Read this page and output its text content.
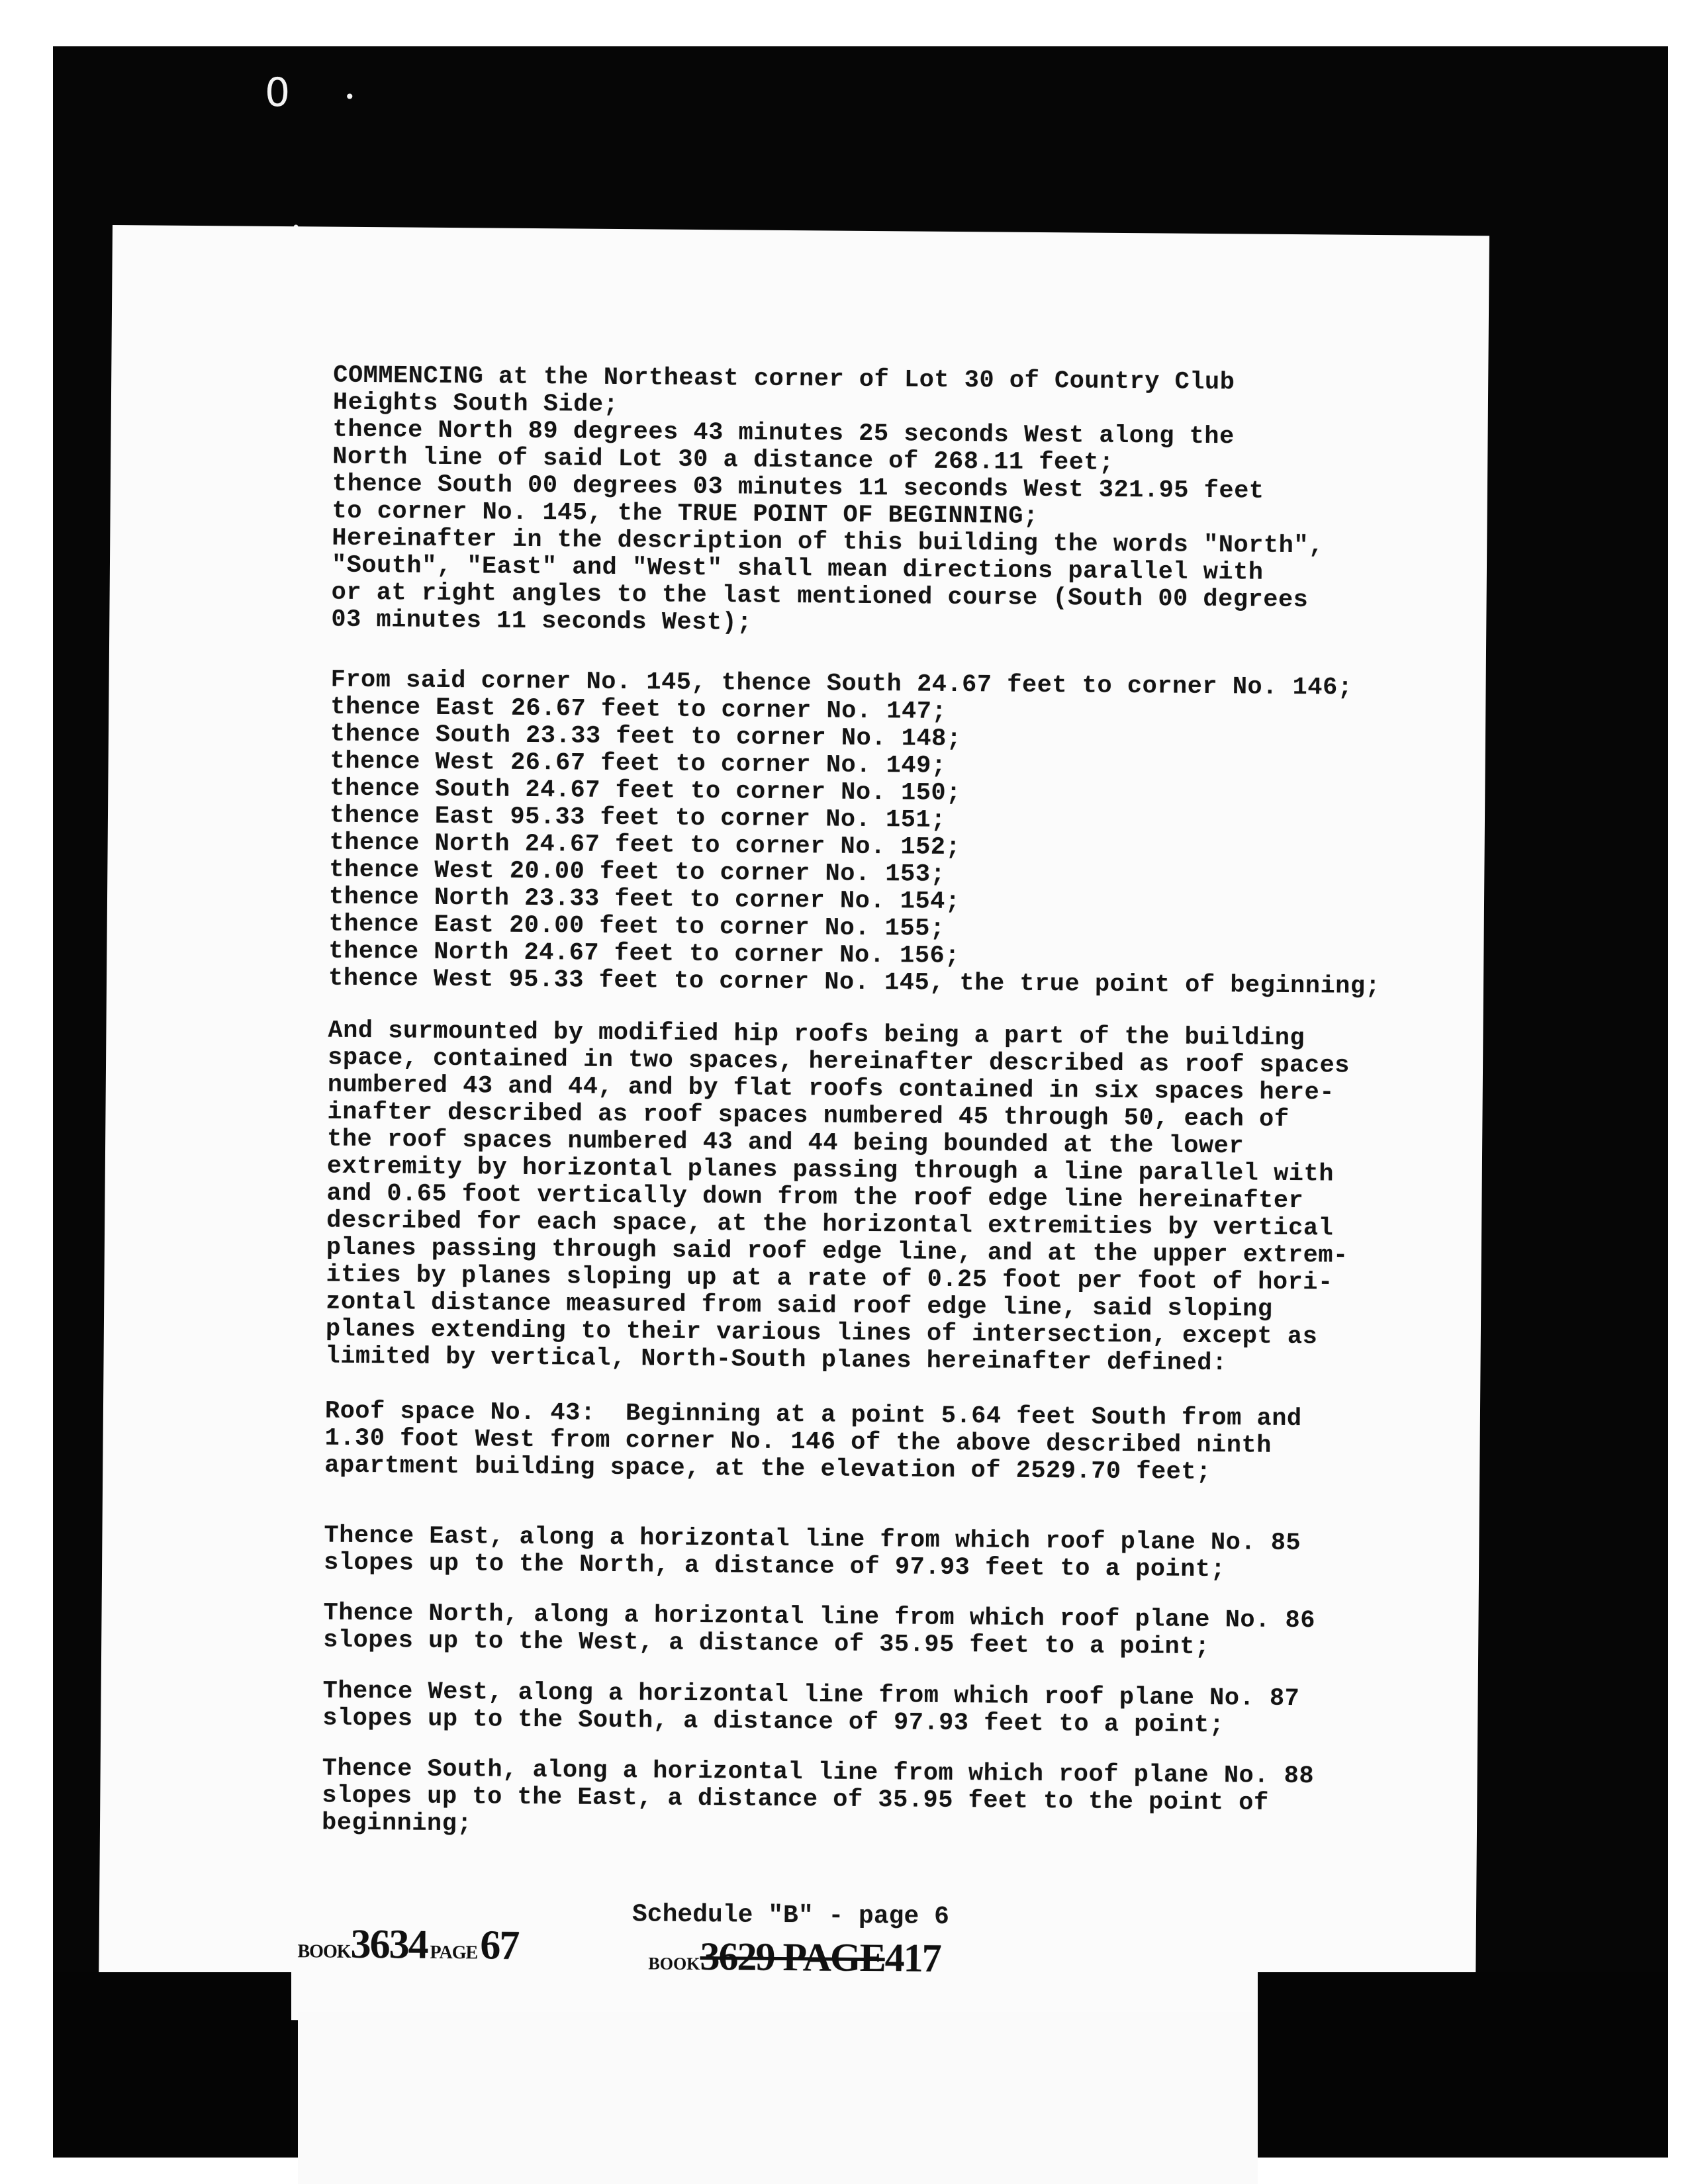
0	•

COMMENCING at the Northeast corner of Lot 30 of Country Club
Heights South Side;
thence North 89 degrees 43 minutes 25 seconds West along the
North line of said Lot 30 a distance of 268.11 feet;
thence South 00 degrees 03 minutes 11 seconds West 321.95 feet
to corner No. 145, the TRUE POINT OF BEGINNING;
Hereinafter in the description of this building the words "North",
"South", "East" and "West" shall mean directions parallel with
or at right angles to the last mentioned course (South 00 degrees
03 minutes 11 seconds West);

From said corner No. 145, thence South 24.67 feet to corner No. 146;
thence East 26.67 feet to corner No. 147;
thence South 23.33 feet to corner No. 148;
thence West 26.67 feet to corner No. 149;
thence South 24.67 feet to corner No. 150;
thence East 95.33 feet to corner No. 151;
thence North 24.67 feet to corner No. 152;
thence West 20.00 feet to corner No. 153;
thence North 23.33 feet to corner No. 154;
thence East 20.00 feet to corner No. 155;
thence North 24.67 feet to corner No. 156;
thence West 95.33 feet to corner No. 145, the true point of beginning;

And surmounted by modified hip roofs being a part of the building
space, contained in two spaces, hereinafter described as roof spaces
numbered 43 and 44, and by flat roofs contained in six spaces here-
inafter described as roof spaces numbered 45 through 50, each of
the roof spaces numbered 43 and 44 being bounded at the lower
extremity by horizontal planes passing through a line parallel with
and 0.65 foot vertically down from the roof edge line hereinafter
described for each space, at the horizontal extremities by vertical
planes passing through said roof edge line, and at the upper extrem-
ities by planes sloping up at a rate of 0.25 foot per foot of hori-
zontal distance measured from said roof edge line, said sloping
planes extending to their various lines of intersection, except as
limited by vertical, North-South planes hereinafter defined:

Roof space No. 43:  Beginning at a point 5.64 feet South from and
1.30 foot West from corner No. 146 of the above described ninth
apartment building space, at the elevation of 2529.70 feet;

Thence East, along a horizontal line from which roof plane No. 85
slopes up to the North, a distance of 97.93 feet to a point;

Thence North, along a horizontal line from which roof plane No. 86
slopes up to the West, a distance of 35.95 feet to a point;

Thence West, along a horizontal line from which roof plane No. 87
slopes up to the South, a distance of 97.93 feet to a point;

Thence South, along a horizontal line from which roof plane No. 88
slopes up to the East, a distance of 35.95 feet to the point of
beginning;

Schedule "B" - page 6
BOOK3634 PAGE 67	BOOK3629 PAGE417
